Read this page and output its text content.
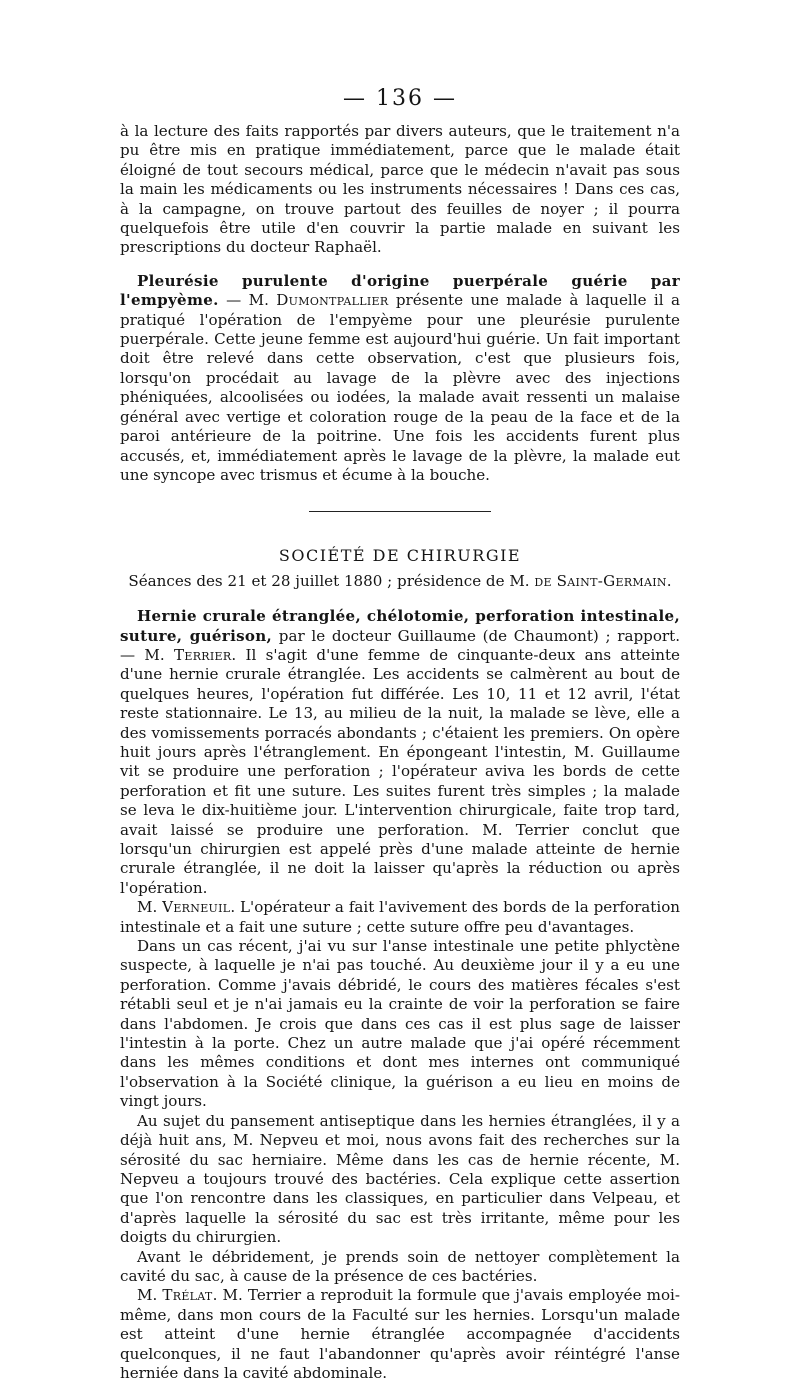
— 136 —

à la lecture des faits rapportés par divers auteurs, que le traitement n'a pu être mis en pratique immédiatement, parce que le malade était éloigné de tout secours médical, parce que le médecin n'avait pas sous la main les médicaments ou les instruments nécessaires ! Dans ces cas, à la campagne, on trouve partout des feuilles de noyer ; il pourra quelquefois être utile d'en couvrir la partie malade en suivant les prescriptions du docteur Raphaël.

Pleurésie purulente d'origine puerpérale guérie par l'empyème. — M. Dumontpallier présente une malade à laquelle il a pratiqué l'opération de l'empyème pour une pleurésie purulente puerpérale. Cette jeune femme est aujourd'hui guérie. Un fait important doit être relevé dans cette observation, c'est que plusieurs fois, lorsqu'on procédait au lavage de la plèvre avec des injections phéniquées, alcoolisées ou iodées, la malade avait ressenti un malaise général avec vertige et coloration rouge de la peau de la face et de la paroi antérieure de la poitrine. Une fois les accidents furent plus accusés, et, immédiatement après le lavage de la plèvre, la malade eut une syncope avec trismus et écume à la bouche.

SOCIÉTÉ DE CHIRURGIE

Séances des 21 et 28 juillet 1880 ; présidence de M. de Saint-Germain.

Hernie crurale étranglée, chélotomie, perforation intestinale, suture, guérison, par le docteur Guillaume (de Chaumont) ; rapport. — M. Terrier. Il s'agit d'une femme de cinquante-deux ans atteinte d'une hernie crurale étranglée. Les accidents se calmèrent au bout de quelques heures, l'opération fut différée. Les 10, 11 et 12 avril, l'état reste stationnaire. Le 13, au milieu de la nuit, la malade se lève, elle a des vomissements porracés abondants ; c'étaient les premiers. On opère huit jours après l'étranglement. En épongeant l'intestin, M. Guillaume vit se produire une perforation ; l'opérateur aviva les bords de cette perforation et fit une suture. Les suites furent très simples ; la malade se leva le dix-huitième jour. L'intervention chirurgicale, faite trop tard, avait laissé se produire une perforation. M. Terrier conclut que lorsqu'un chirurgien est appelé près d'une malade atteinte de hernie crurale étranglée, il ne doit la laisser qu'après la réduction ou après l'opération.

M. Verneuil. L'opérateur a fait l'avivement des bords de la perforation intestinale et a fait une suture ; cette suture offre peu d'avantages.

Dans un cas récent, j'ai vu sur l'anse intestinale une petite phlyctène suspecte, à laquelle je n'ai pas touché. Au deuxième jour il y a eu une perforation. Comme j'avais débridé, le cours des matières fécales s'est rétabli seul et je n'ai jamais eu la crainte de voir la perforation se faire dans l'abdomen. Je crois que dans ces cas il est plus sage de laisser l'intestin à la porte. Chez un autre malade que j'ai opéré récemment dans les mêmes conditions et dont mes internes ont communiqué l'observation à la Société clinique, la guérison a eu lieu en moins de vingt jours.

Au sujet du pansement antiseptique dans les hernies étranglées, il y a déjà huit ans, M. Nepveu et moi, nous avons fait des recherches sur la sérosité du sac herniaire. Même dans les cas de hernie récente, M. Nepveu a toujours trouvé des bactéries. Cela explique cette assertion que l'on rencontre dans les classiques, en particulier dans Velpeau, et d'après laquelle la sérosité du sac est très irritante, même pour les doigts du chirurgien.

Avant le débridement, je prends soin de nettoyer complètement la cavité du sac, à cause de la présence de ces bactéries.

M. Trélat. M. Terrier a reproduit la formule que j'avais employée moi-même, dans mon cours de la Faculté sur les hernies. Lorsqu'un malade est atteint d'une hernie étranglée accompagnée d'accidents quelconques, il ne faut l'abandonner qu'après avoir réintégré l'anse herniée dans la cavité abdominale.
